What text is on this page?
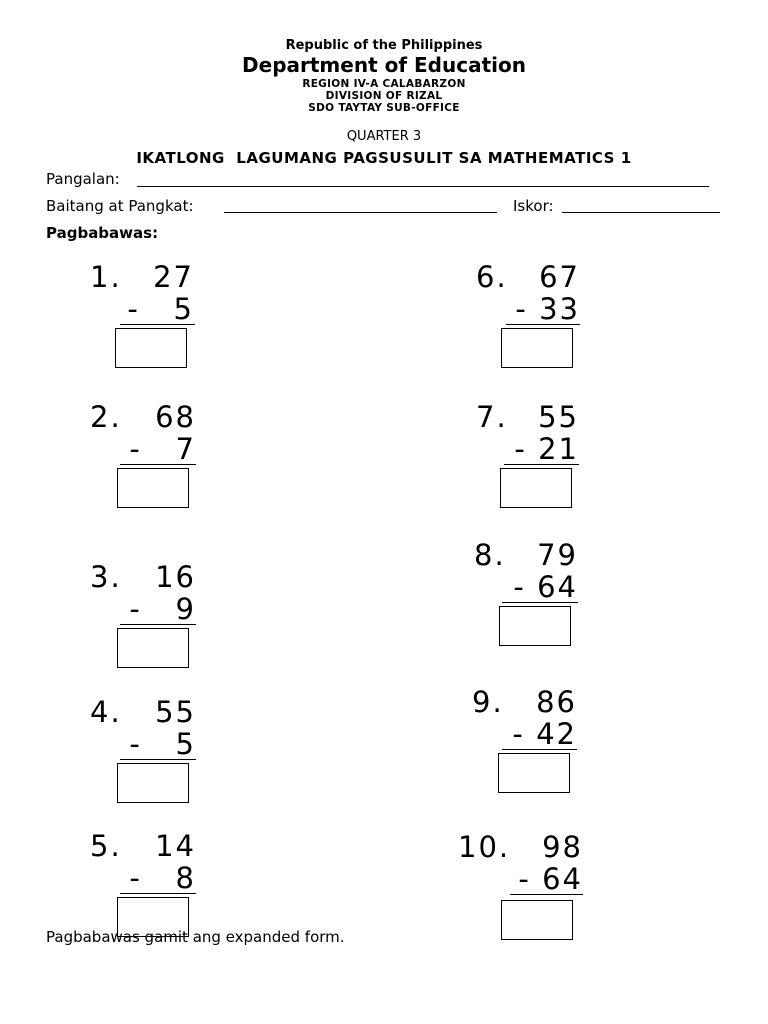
Republic of the Philippines
Department of Education
REGION IV-A CALABARZON
DIVISION OF RIZAL
SDO TAYTAY SUB-OFFICE
QUARTER 3
IKATLONG  LAGUMANG PAGSUSULIT SA MATHEMATICS 1
Pangalan:
Baitang at Pangkat:	Iskor:
Pagbabawas:
1.	27
-   5
2.	68
-   7
3.	16
-   9
4.	55
-   5
5.	14
-   8
6.	67
- 33
7.	55
- 21
8.	79
- 64
9.	86
- 42
10.	98
- 64
Pagbabawas gamit ang expanded form.
